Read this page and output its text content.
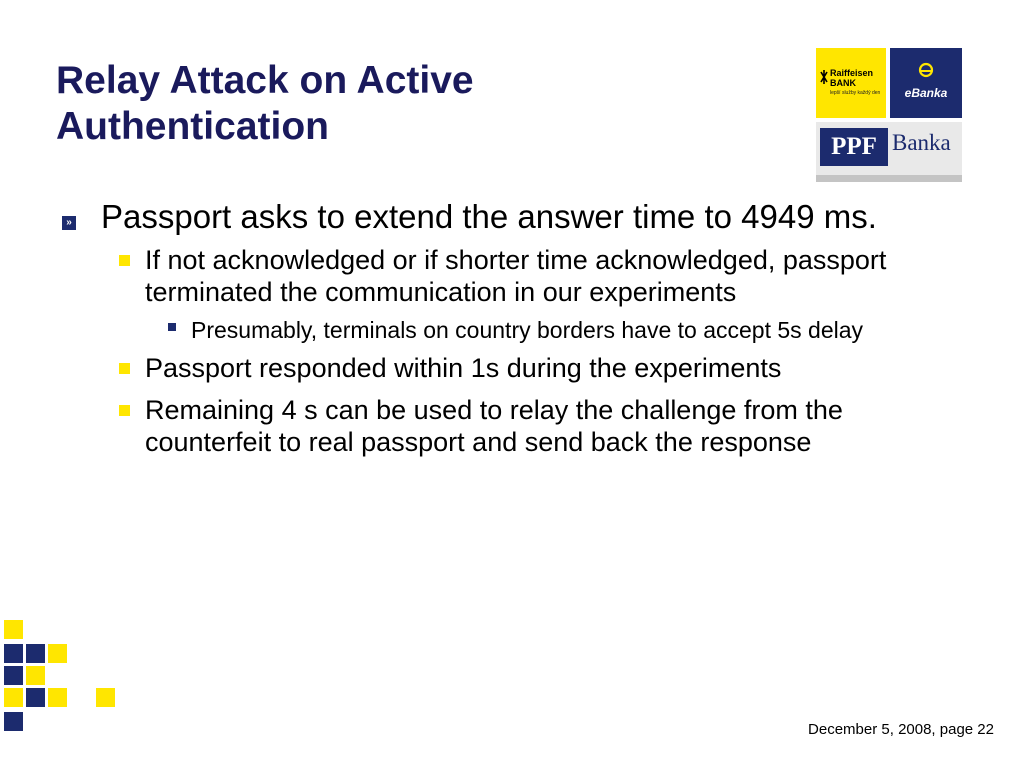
Relay Attack on Active
Authentication
Raiffeisen BANK
lepší služby každý den	eBanka
PPF Banka
» Passport asks to extend the answer time to 4949 ms.
If not acknowledged or if shorter time acknowledged, passport terminated the communication in our experiments
Presumably, terminals on country borders have to accept 5s delay
Passport responded within 1s during the experiments
Remaining 4 s can be used to relay the challenge from the counterfeit to real passport and send back the response
December 5, 2008, page 22
